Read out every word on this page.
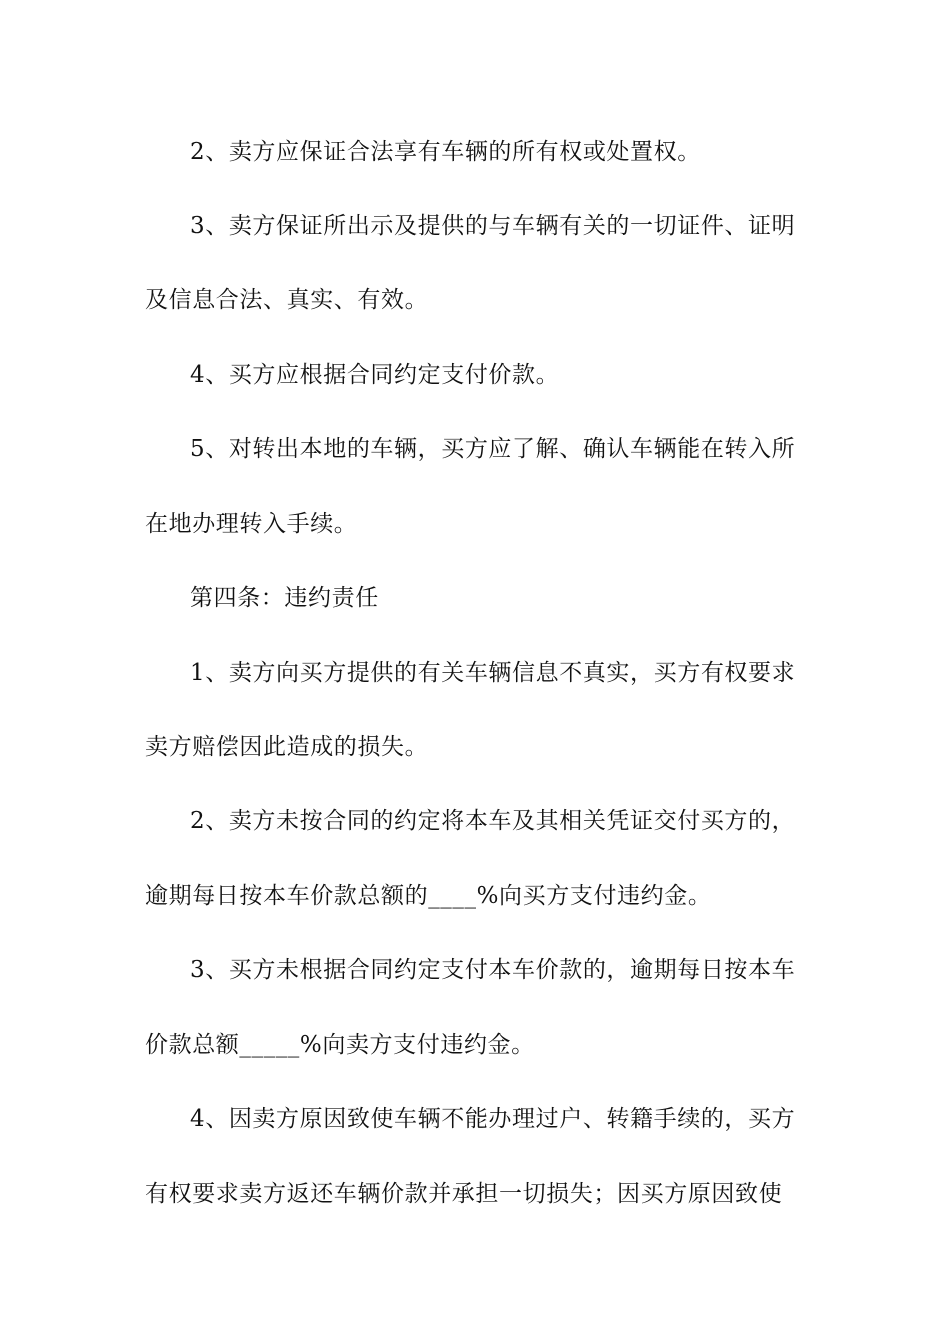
2、卖方应保证合法享有车辆的所有权或处置权。
3、卖方保证所出示及提供的与车辆有关的一切证件、证明
及信息合法、真实、有效。
4、买方应根据合同约定支付价款。
5、对转出本地的车辆，买方应了解、确认车辆能在转入所
在地办理转入手续。
第四条：违约责任
1、卖方向买方提供的有关车辆信息不真实，买方有权要求
卖方赔偿因此造成的损失。
2、卖方未按合同的约定将本车及其相关凭证交付买方的，
逾期每日按本车价款总额的____%向买方支付违约金。
3、买方未根据合同约定支付本车价款的，逾期每日按本车
价款总额_____%向卖方支付违约金。
4、因卖方原因致使车辆不能办理过户、转籍手续的，买方
有权要求卖方返还车辆价款并承担一切损失；因买方原因致使
